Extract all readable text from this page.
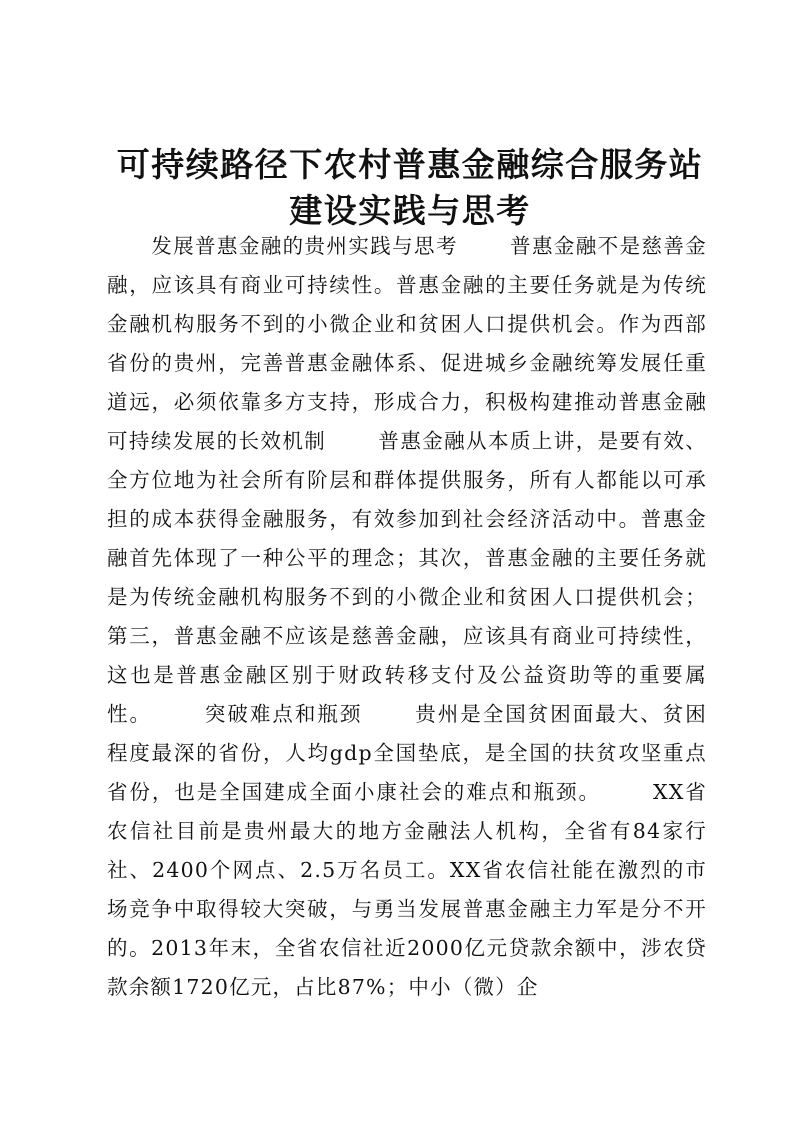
可持续路径下农村普惠金融综合服务站建设实践与思考

发展普惠金融的贵州实践与思考	普惠金融不是慈善金融，应该具有商业可持续性。普惠金融的主要任务就是为传统金融机构服务不到的小微企业和贫困人口提供机会。作为西部省份的贵州，完善普惠金融体系、促进城乡金融统筹发展任重道远，必须依靠多方支持，形成合力，积极构建推动普惠金融可持续发展的长效机制	普惠金融从本质上讲，是要有效、全方位地为社会所有阶层和群体提供服务，所有人都能以可承担的成本获得金融服务，有效参加到社会经济活动中。普惠金融首先体现了一种公平的理念；其次，普惠金融的主要任务就是为传统金融机构服务不到的小微企业和贫困人口提供机会；第三，普惠金融不应该是慈善金融，应该具有商业可持续性，这也是普惠金融区别于财政转移支付及公益资助等的重要属性。	突破难点和瓶颈	贵州是全国贫困面最大、贫困程度最深的省份，人均gdp全国垫底，是全国的扶贫攻坚重点省份，也是全国建成全面小康社会的难点和瓶颈。	XX省农信社目前是贵州最大的地方金融法人机构，全省有84家行社、2400个网点、2.5万名员工。XX省农信社能在激烈的市场竞争中取得较大突破，与勇当发展普惠金融主力军是分不开的。2013年末，全省农信社近2000亿元贷款余额中，涉农贷款余额1720亿元，占比87%；中小（微）企
